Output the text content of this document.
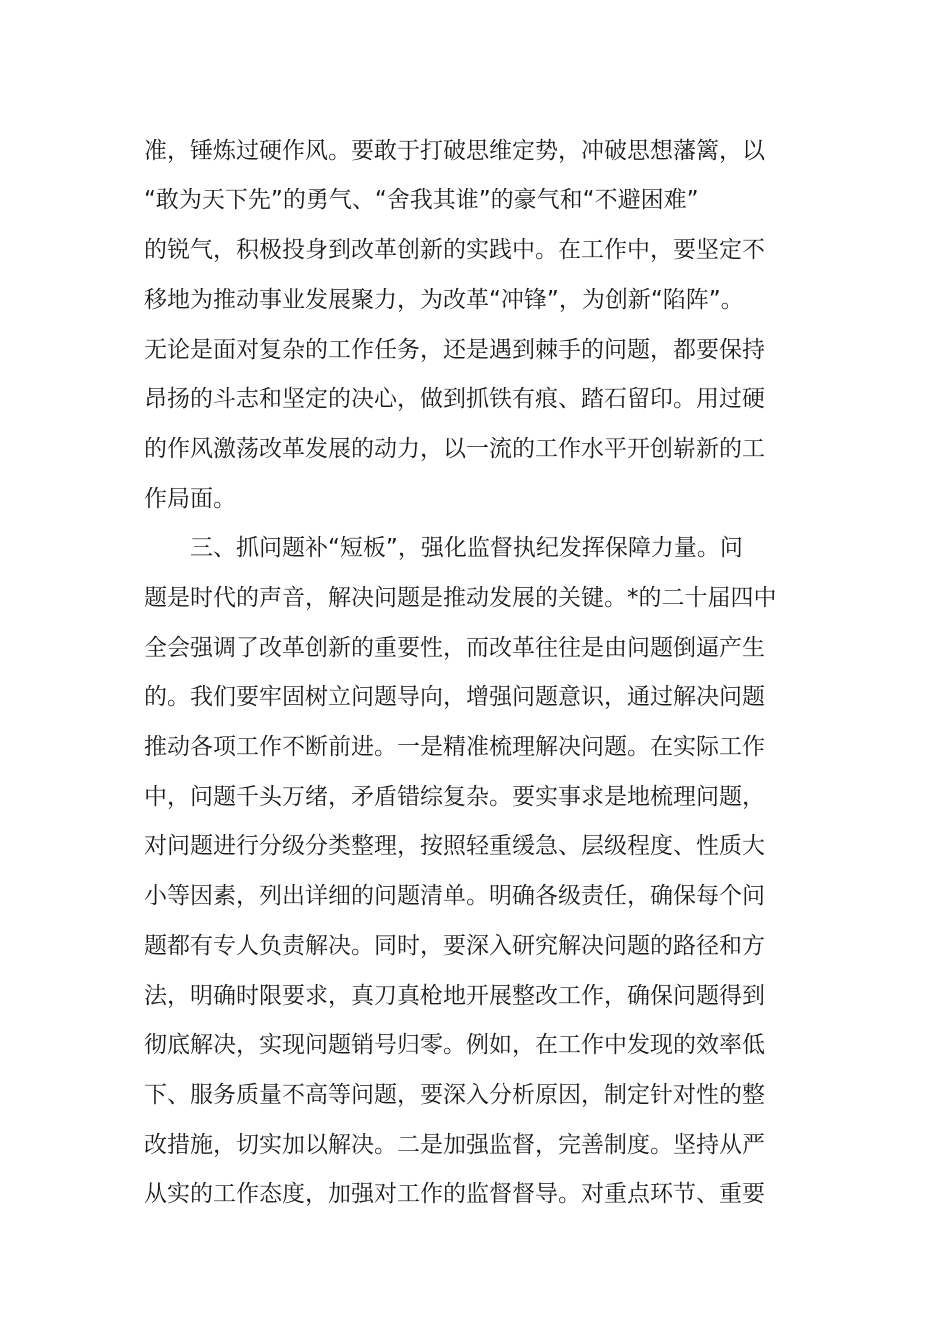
准，锤炼过硬作风。要敢于打破思维定势，冲破思想藩篱，以
“敢为天下先”的勇气、“舍我其谁”的豪气和“不避困难”
的锐气，积极投身到改革创新的实践中。在工作中，要坚定不
移地为推动事业发展聚力，为改革“冲锋”，为创新“陷阵”。
无论是面对复杂的工作任务，还是遇到棘手的问题，都要保持
昂扬的斗志和坚定的决心，做到抓铁有痕、踏石留印。用过硬
的作风激荡改革发展的动力，以一流的工作水平开创崭新的工
作局面。
三、抓问题补“短板”，强化监督执纪发挥保障力量。问
题是时代的声音，解决问题是推动发展的关键。*的二十届四中
全会强调了改革创新的重要性，而改革往往是由问题倒逼产生
的。我们要牢固树立问题导向，增强问题意识，通过解决问题
推动各项工作不断前进。一是精准梳理解决问题。在实际工作
中，问题千头万绪，矛盾错综复杂。要实事求是地梳理问题，
对问题进行分级分类整理，按照轻重缓急、层级程度、性质大
小等因素，列出详细的问题清单。明确各级责任，确保每个问
题都有专人负责解决。同时，要深入研究解决问题的路径和方
法，明确时限要求，真刀真枪地开展整改工作，确保问题得到
彻底解决，实现问题销号归零。例如，在工作中发现的效率低
下、服务质量不高等问题，要深入分析原因，制定针对性的整
改措施，切实加以解决。二是加强监督，完善制度。坚持从严
从实的工作态度，加强对工作的监督督导。对重点环节、重要
